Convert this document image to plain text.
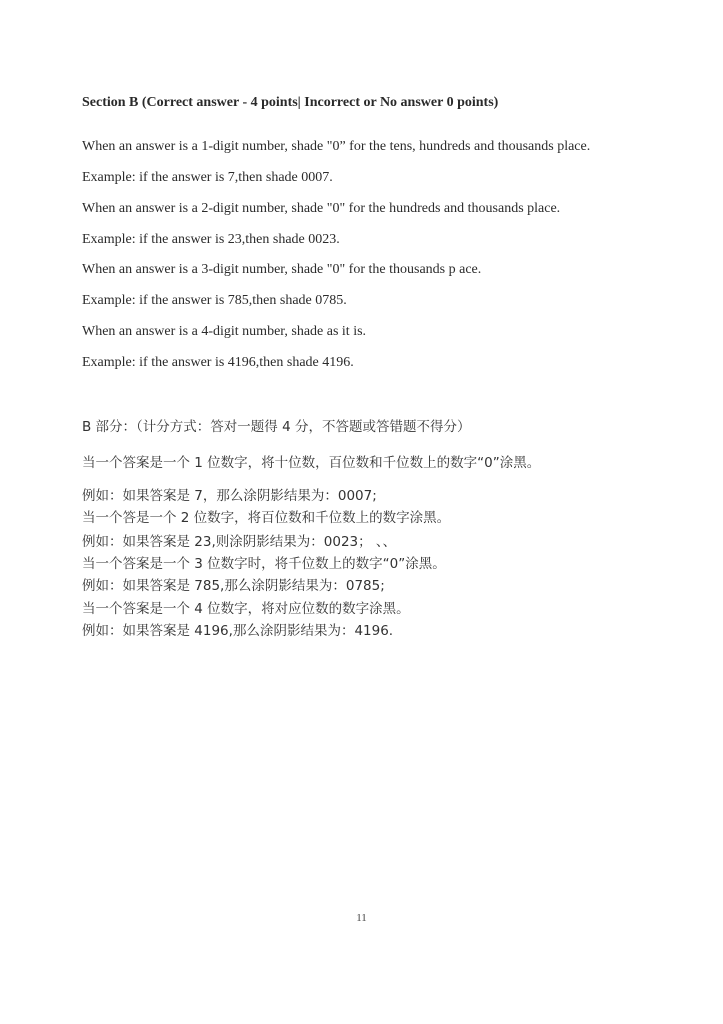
Section B (Correct answer - 4 points| Incorrect or No answer 0 points)
When an answer is a 1-digit number, shade "0” for the tens, hundreds and thousands place.
Example: if the answer is 7,then shade 0007.
When an answer is a 2-digit number, shade "0" for the hundreds and thousands place.
Example: if the answer is 23,then shade 0023.
When an answer is a 3-digit number, shade "0" for the thousands p ace.
Example: if the answer is 785,then shade 0785.
When an answer is a 4-digit number, shade as it is.
Example: if the answer is 4196,then shade 4196.
B 部分：（计分方式：答对一题得 4 分，不答题或答错题不得分）
当一个答案是一个 1 位数字，将十位数，百位数和千位数上的数字“0”涂黑。
例如：如果答案是 7，那么涂阴影结果为：0007;
当一个答是一个 2 位数字，将百位数和千位数上的数字涂黑。
例如：如果答案是 23,则涂阴影结果为：0023； 、、
当一个答案是一个 3 位数字时，将千位数上的数字“0”涂黑。
例如：如果答案是 785,那么涂阴影结果为：0785;
当一个答案是一个 4 位数字，将对应位数的数字涂黑。
例如：如果答案是 4196,那么涂阴影结果为：4196.
11
